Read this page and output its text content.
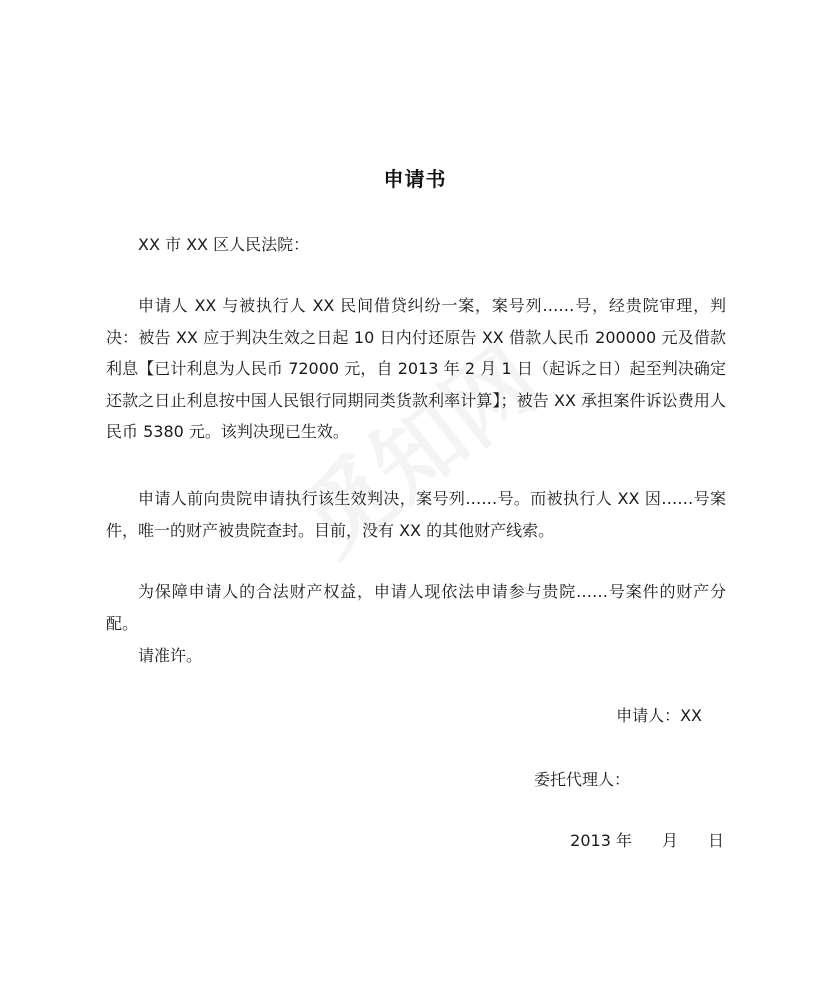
申请书
XX 市 XX 区人民法院：
申请人 XX 与被执行人 XX 民间借贷纠纷一案，案号列……号，经贵院审理，判决：被告 XX 应于判决生效之日起 10 日内付还原告 XX 借款人民币 200000 元及借款利息【已计利息为人民币 72000 元，自 2013 年 2 月 1 日（起诉之日）起至判决确定还款之日止利息按中国人民银行同期同类货款利率计算】；被告 XX 承担案件诉讼费用人民币 5380 元。该判决现已生效。
申请人前向贵院申请执行该生效判决，案号列……号。而被执行人 XX 因……号案件，唯一的财产被贵院查封。目前，没有 XX 的其他财产线索。
为保障申请人的合法财产权益，申请人现依法申请参与贵院……号案件的财产分配。
请准许。
申请人：XX
委托代理人：
2013 年 月 日
